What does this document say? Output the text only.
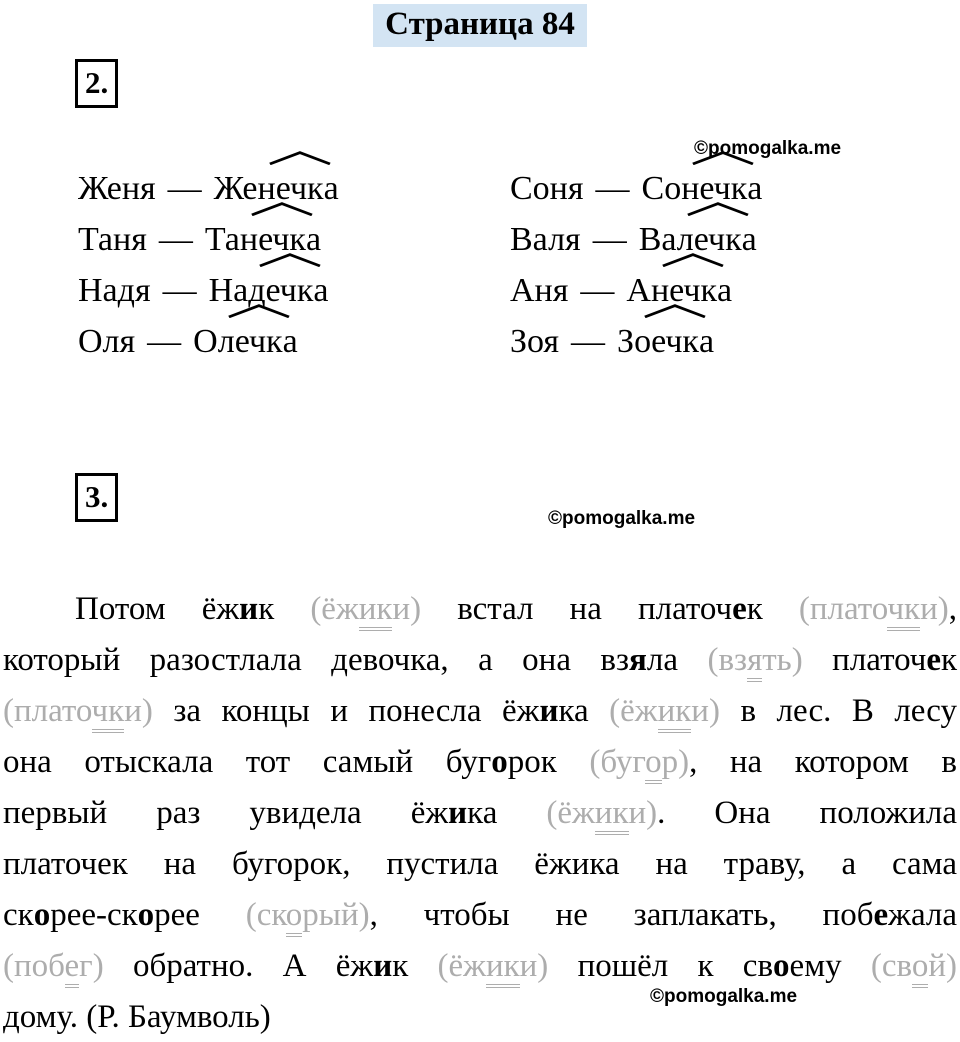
Страница 84
2.
©pomogalka.me
Женя — Жен
ечка
Таня — Тан
ечка
Надя — Над
ечка
Оля — Ол
ечка
Соня — Сон
ечка
Валя — Вал
ечка
Аня — Ан
ечка
Зоя — Зо
ечка
3.
©pomogalka.me
Потом ёжик (ёжики) встал на платочек (платочки),
который разостлала девочка, а она взяла (взять) платочек
(платочки) за концы и понесла ёжика (ёжики) в лес. В лесу
она отыскала тот самый бугорок (бугор), на котором в
первый раз увидела ёжика (ёжики). Она положила
платочек на бугорок, пустила ёжика на траву, а сама
скорее-скорее (скорый), чтобы не заплакать, побежала
(побег) обратно. А ёжик (ёжики) пошёл к своему (свой)
дому. (Р. Баумволь)
©pomogalka.me
